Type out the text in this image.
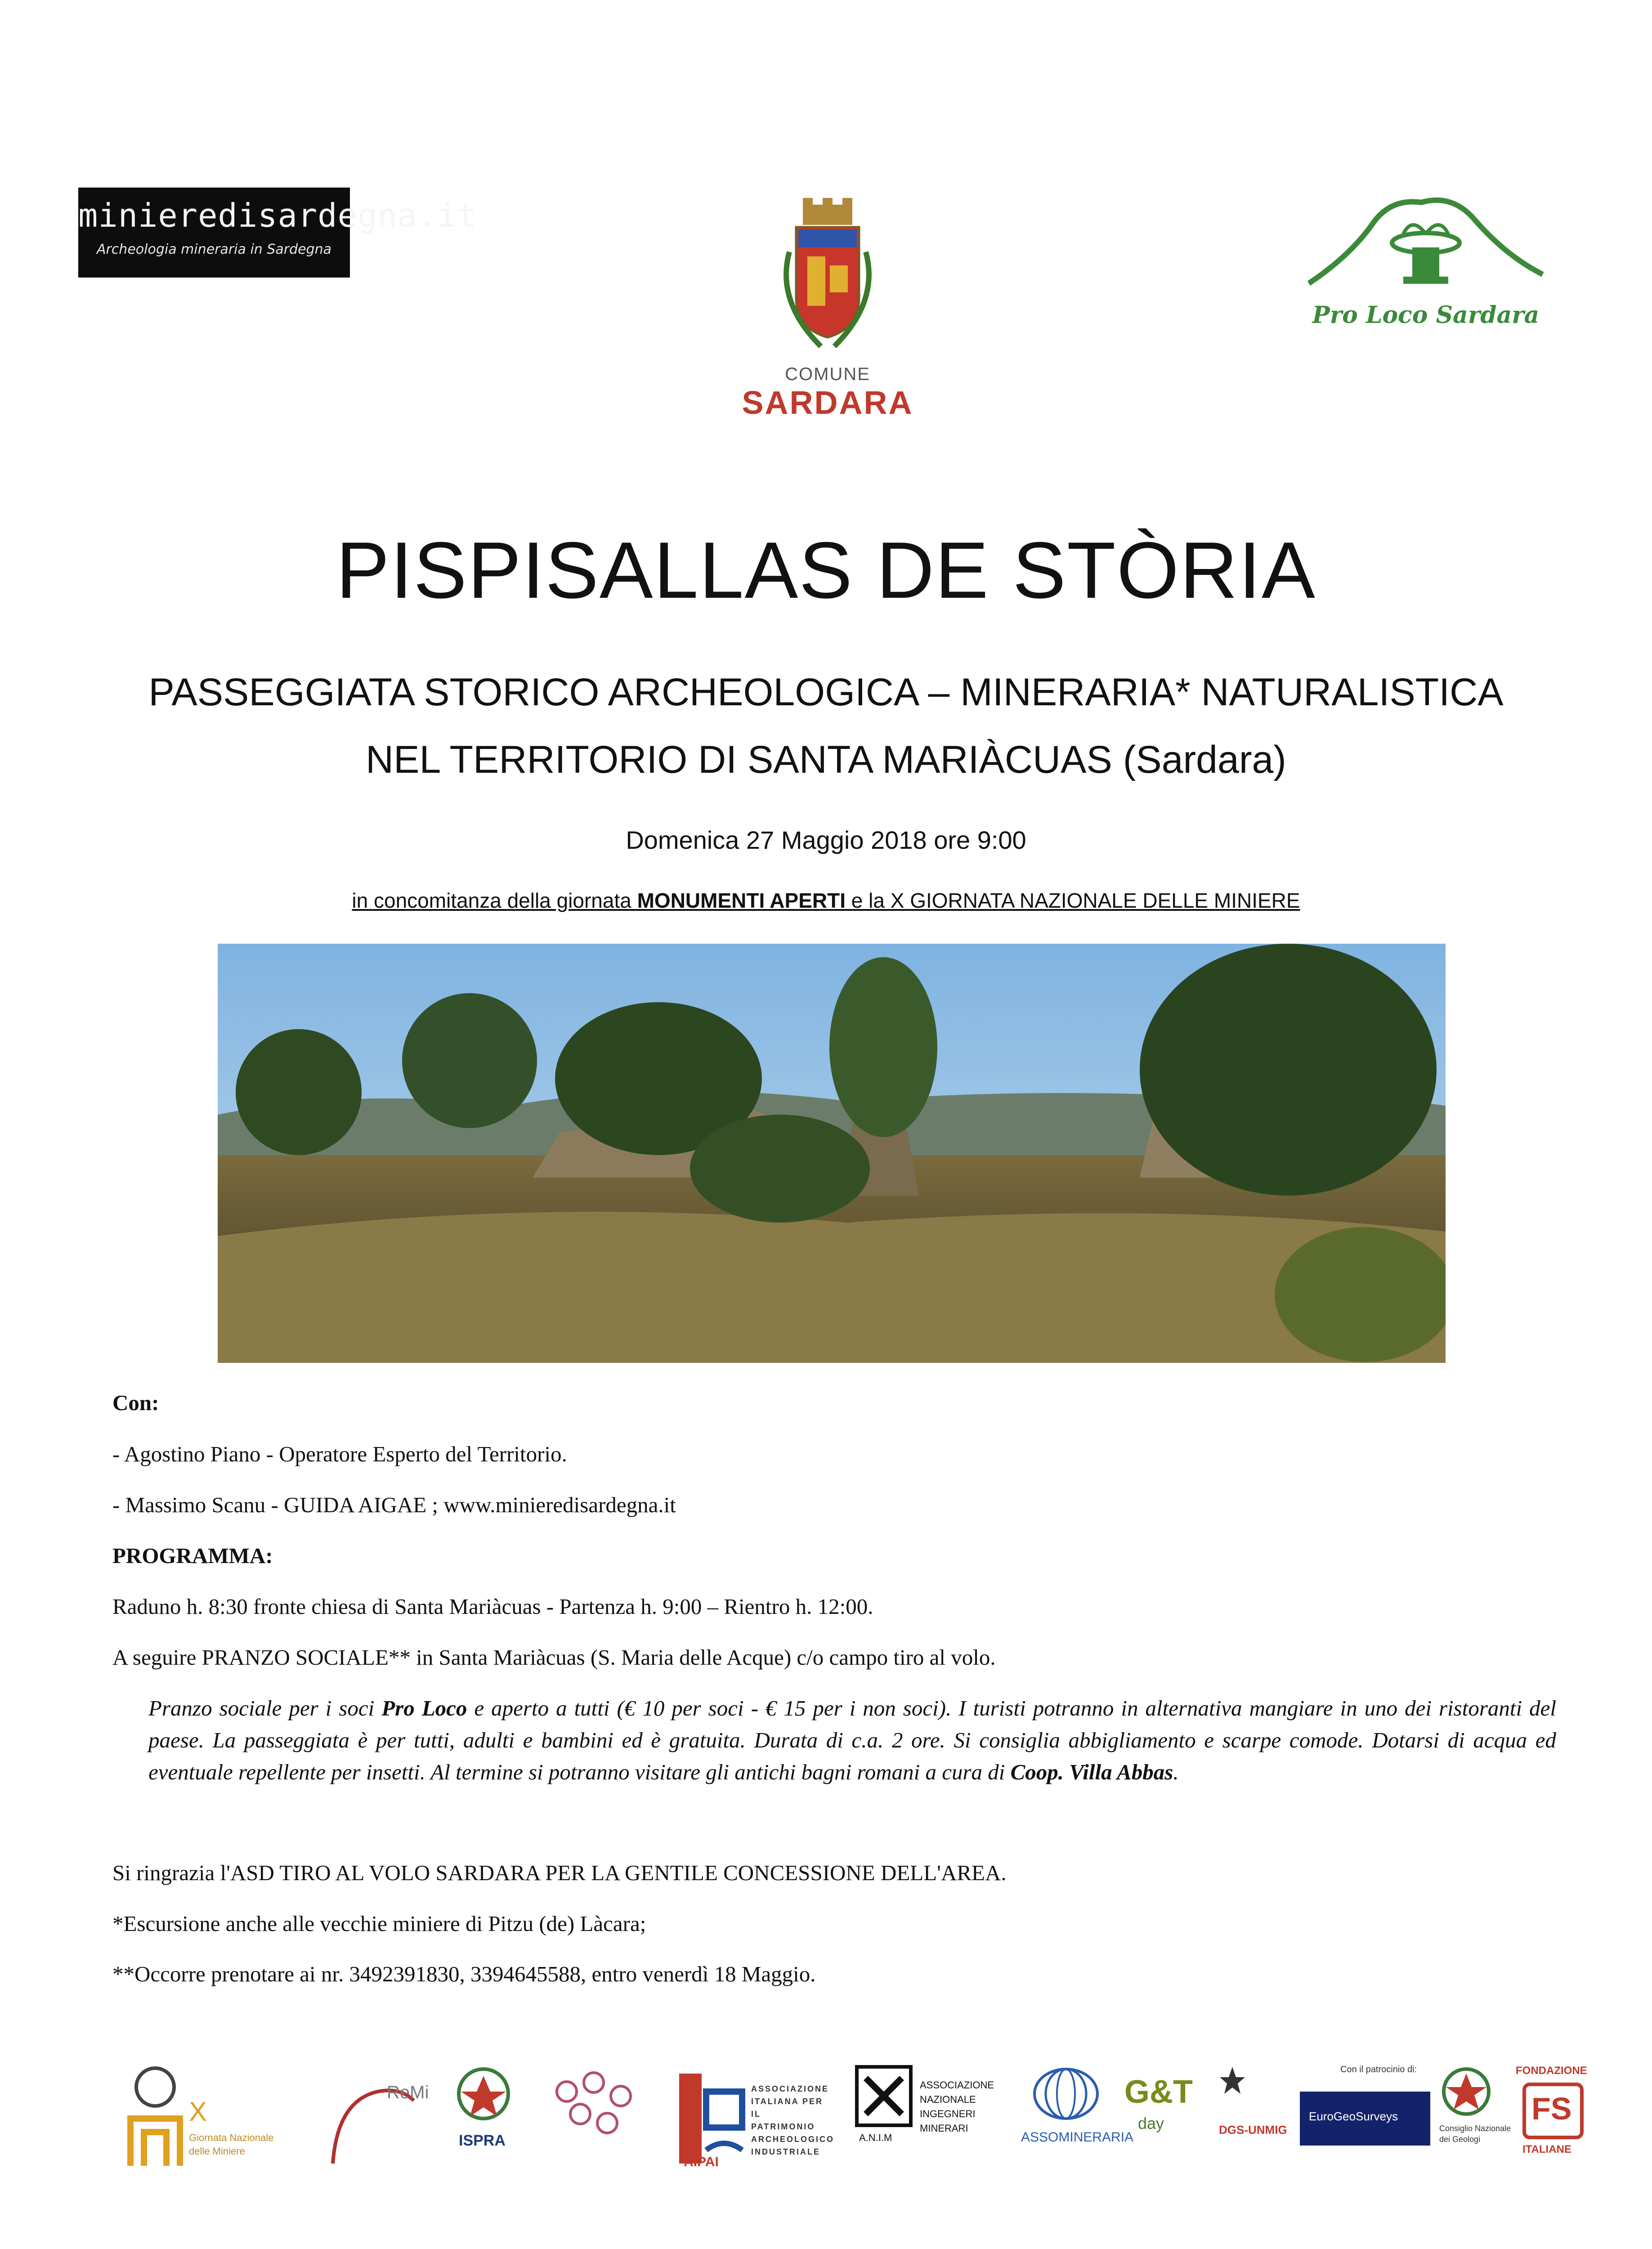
minieredisardegna.it
Archeologia mineraria in Sardegna
COMUNE
SARDARA
Pro Loco Sardara
PISPISALLAS DE STÒRIA
PASSEGGIATA STORICO ARCHEOLOGICA – MINERARIA* NATURALISTICA
NEL TERRITORIO DI SANTA MARIÀCUAS (Sardara)
Domenica 27 Maggio 2018 ore 9:00
in concomitanza della giornata MONUMENTI APERTI e la X GIORNATA NAZIONALE DELLE MINIERE
Con:
- Agostino Piano - Operatore Esperto del Territorio.
- Massimo Scanu - GUIDA AIGAE ; www.minieredisardegna.it
PROGRAMMA:
Raduno h. 8:30 fronte chiesa di Santa Mariàcuas - Partenza h. 9:00 – Rientro h. 12:00.
A seguire PRANZO SOCIALE** in Santa Mariàcuas (S. Maria delle Acque) c/o campo tiro al volo.
Pranzo sociale per i soci Pro Loco e aperto a tutti (€ 10 per soci - € 15 per i non soci). I turisti potranno in alternativa mangiare in uno dei ristoranti del paese. La passeggiata è per tutti, adulti e bambini ed è gratuita. Durata di c.a. 2 ore. Si consiglia abbigliamento e scarpe comode. Dotarsi di acqua ed eventuale repellente per insetti. Al termine si potranno visitare gli antichi bagni romani a cura di Coop. Villa Abbas.
Si ringrazia l'ASD TIRO AL VOLO SARDARA PER LA GENTILE CONCESSIONE DELL'AREA.
*Escursione anche alle vecchie miniere di Pitzu (de) Làcara;
**Occorre prenotare ai nr. 3492391830, 3394645588, entro venerdì 18 Maggio.
X
Giornata Nazionale
delle Miniere
ReMi
ISPRA
AIPAI
ASSOCIAZIONE ITALIANA PER IL PATRIMONIO ARCHEOLOGICO INDUSTRIALE
A.N.I.M
ASSOCIAZIONE NAZIONALE INGEGNERI MINERARI
ASSOMINERARIA
G&T
day	DGS-UNMIG
Con il patrocinio di:
EuroGeoSurveys
Consiglio Nazionale dei Geologi
FONDAZIONE
FS
ITALIANE
